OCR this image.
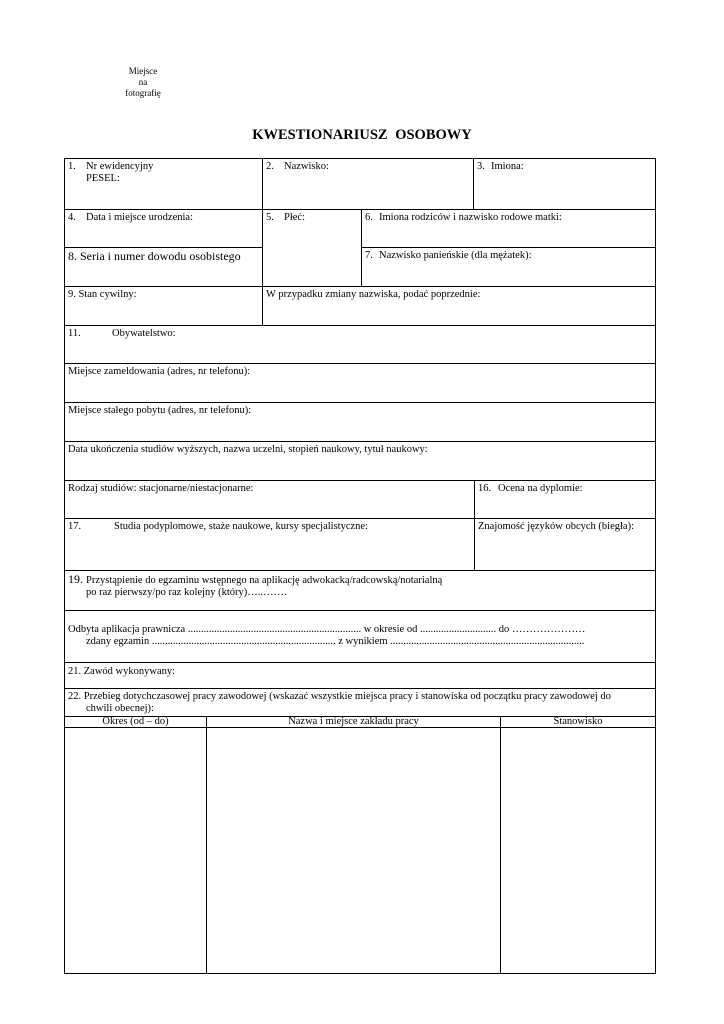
Miejsce
na
fotografię
KWESTIONARIUSZ OSOBOWY
1. Nr ewidencyjny
PESEL:
2. Nazwisko:	3. Imiona:
4. Data i miejsce urodzenia:	5. Płeć:	6. Imiona rodziców i nazwisko rodowe matki:
8. Seria i numer dowodu osobistego	7. Nazwisko panieńskie (dla mężatek):
9. Stan cywilny:	W przypadku zmiany nazwiska, podać poprzednie:
11.	Obywatelstwo:
Miejsce zameldowania (adres, nr telefonu):
Miejsce stałego pobytu (adres, nr telefonu):
Data ukończenia studiów wyższych, nazwa uczelni, stopień naukowy, tytuł naukowy:
Rodzaj studiów: stacjonarne/niestacjonarne:	16. Ocena na dyplomie:
17.	Studia podyplomowe, staże naukowe, kursy specjalistyczne:	Znajomość języków obcych (biegła):
19. Przystąpienie do egzaminu wstępnego na aplikację adwokacką/radcowską/notarialną
po raz pierwszy/po raz kolejny (który)…..…….
Odbyta aplikacja prawnicza .................................................................. w okresie od ............................. do …………………
zdany egzamin ...................................................................... z wynikiem ..........................................................................
21. Zawód wykonywany:
22. Przebieg dotychczasowej pracy zawodowej (wskazać wszystkie miejsca pracy i stanowiska od początku pracy zawodowej do
chwili obecnej):
Okres (od – do)	Nazwa i miejsce zakładu pracy	Stanowisko
